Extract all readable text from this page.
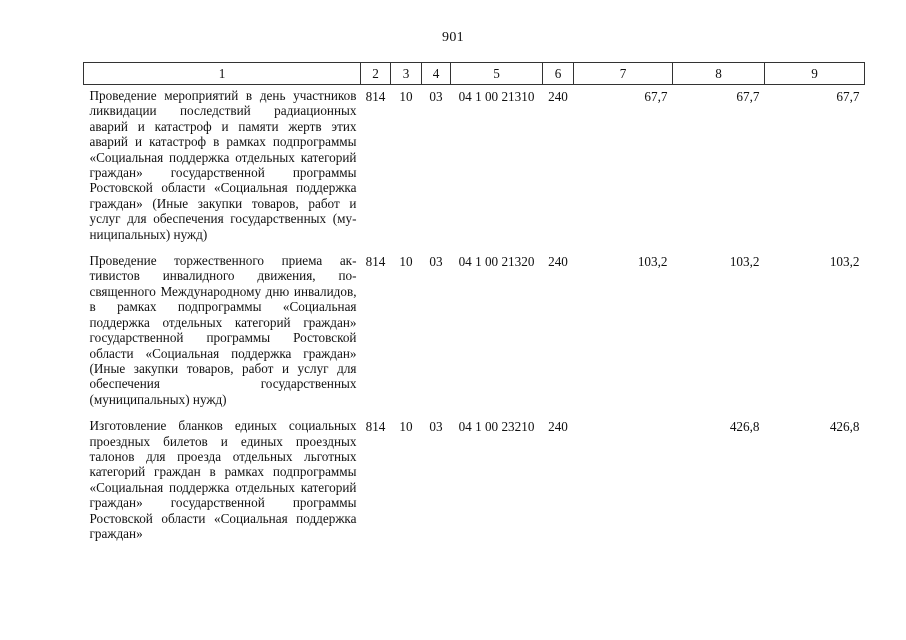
901
1	2	3	4	5	6	7	8	9

Проведение мероприятий в день участников ликвидации последствий радиационных аварий и катастроф и памяти жертв этих аварий и катастроф в рамках подпрограммы «Социальная поддержка отдельных категорий граждан» государственной программы Ростовской области «Социальная поддержка граждан» (Иные закупки товаров, работ и услуг для обеспечения государственных (муниципальных) нужд)	814	10	03	04 1 00 21310	240	67,7	67,7	67,7

Проведение торжественного приема активистов инвалидного движения, посвященного Международному дню инвалидов, в рамках подпрограммы «Социальная поддержка отдельных категорий граждан» государственной программы Ростовской области «Социальная поддержка граждан» (Иные закупки товаров, работ и услуг для обеспечения государственных (муниципальных) нужд)	814	10	03	04 1 00 21320	240	103,2	103,2	103,2

Изготовление бланков единых социальных проездных билетов и единых проездных талонов для проезда отдельных льготных категорий граждан в рамках подпрограммы «Социальная поддержка отдельных категорий граждан» государственной программы Ростовской области «Социальная поддержка граждан»	814	10	03	04 1 00 23210	240		426,8	426,8
